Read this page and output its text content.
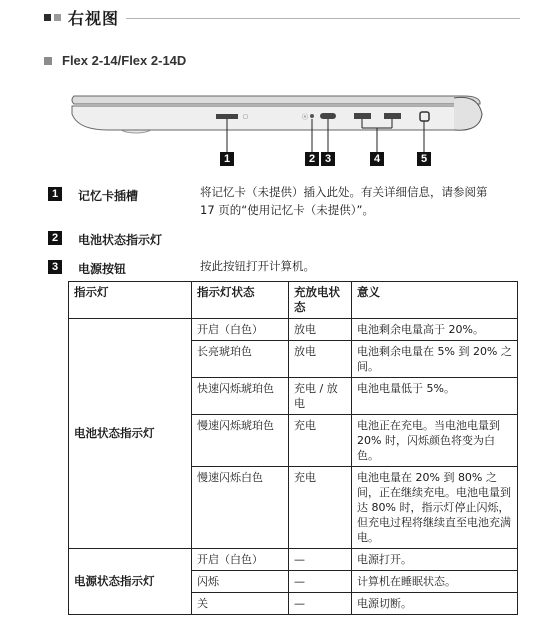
右视图
Flex 2-14/Flex 2-14D
□	ⓞ
1	2 3	4	5
1	记忆卡插槽	将记忆卡（未提供）插入此处。有关详细信息，请参阅第
17 页的“使用记忆卡（未提供）”。
2	电池状态指示灯
3	电源按钮	按此按钮打开计算机。
指示灯	指示灯状态	充放电状态	意义
电池状态指示灯	开启（白色）	放电	电池剩余电量高于 20%。
	长亮琥珀色	放电	电池剩余电量在 5% 到 20% 之间。
	快速闪烁琥珀色	充电 / 放电	电池电量低于 5%。
	慢速闪烁琥珀色	充电	电池正在充电。当电池电量到 20% 时，闪烁颜色将变为白色。
	慢速闪烁白色	充电	电池电量在 20% 到 80% 之间，正在继续充电。电池电量到达 80% 时，指示灯停止闪烁，但充电过程将继续直至电池充满电。
电源状态指示灯	开启（白色）	—	电源打开。
	闪烁	—	计算机在睡眠状态。
	关	—	电源切断。
